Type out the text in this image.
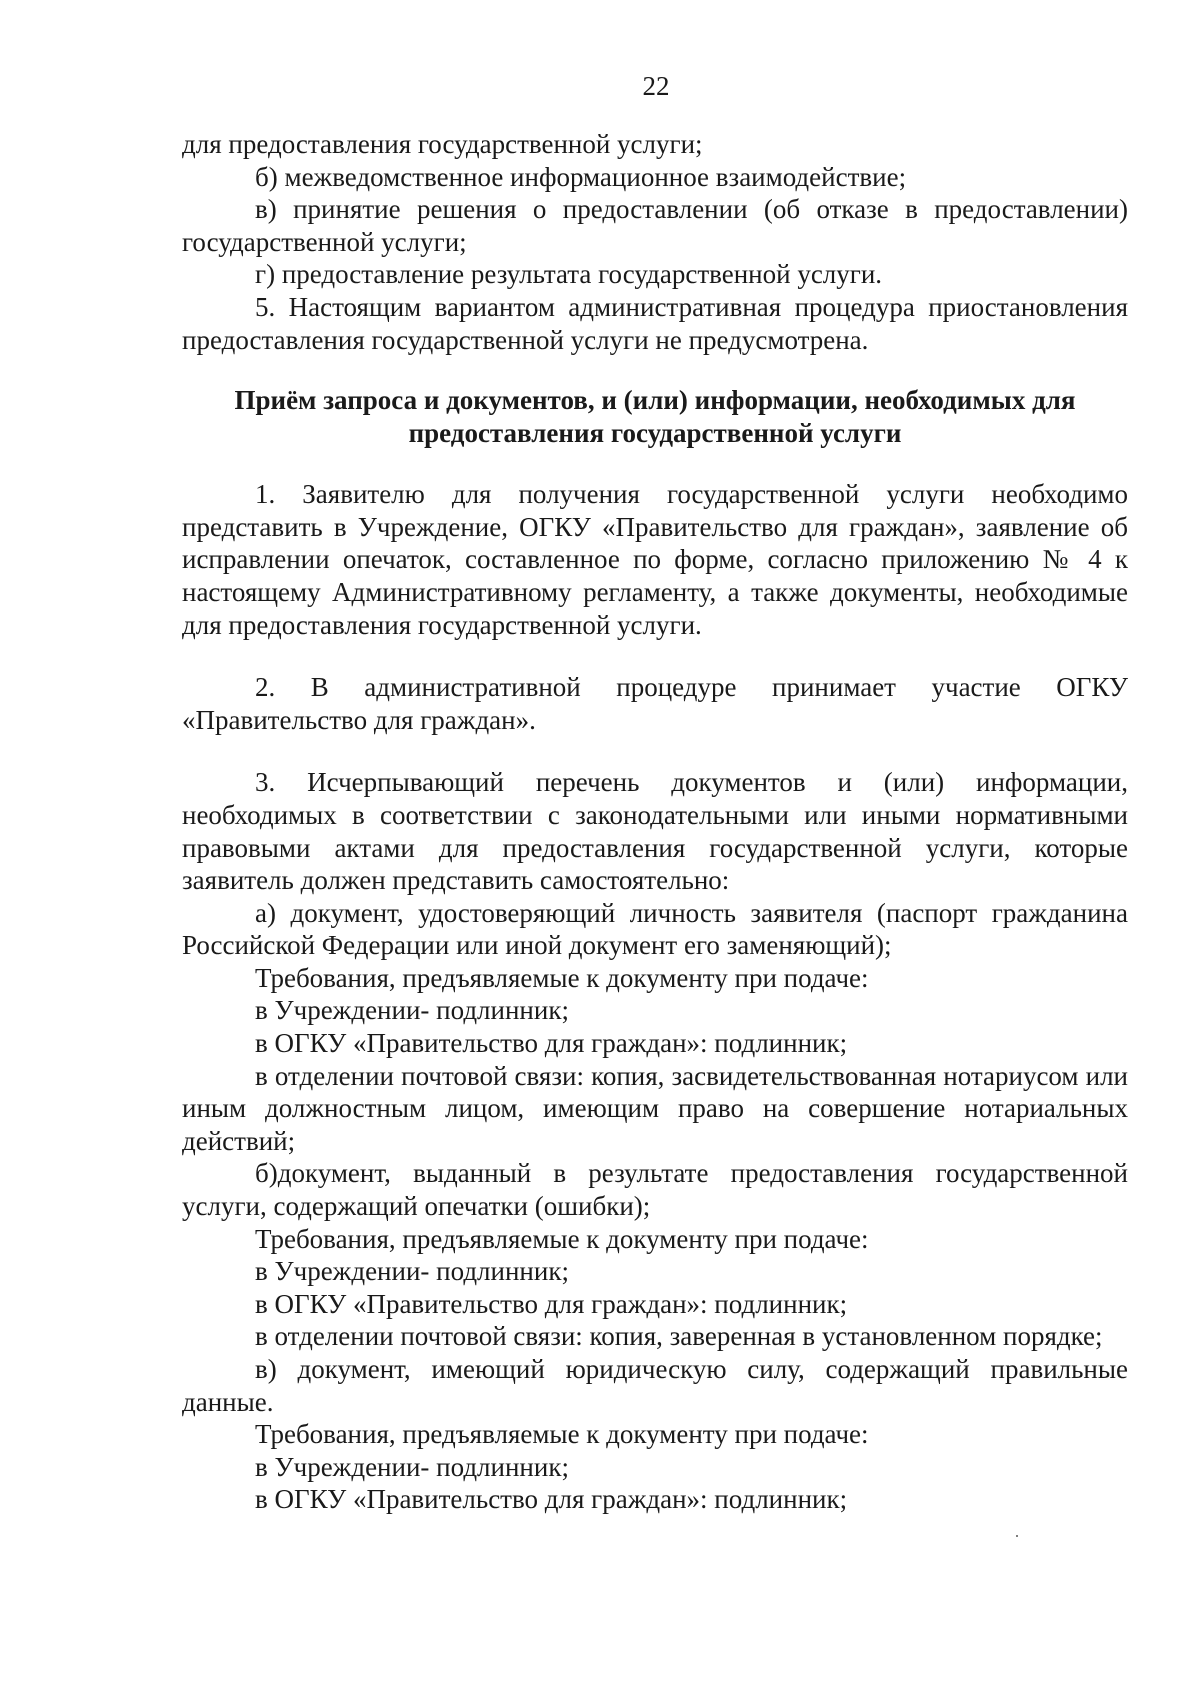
22

для предоставления государственной услуги;

б) межведомственное информационное взаимодействие;

в) принятие решения о предоставлении (об отказе в предоставлении) государственной услуги;

г) предоставление результата государственной услуги.

5. Настоящим вариантом административная процедура приостановления предоставления государственной услуги не предусмотрена.

Приём запроса и документов, и (или) информации, необходимых для

предоставления государственной услуги

1. Заявителю для получения государственной услуги необходимо представить в Учреждение, ОГКУ «Правительство для граждан», заявление об исправлении опечаток, составленное по форме, согласно приложению № 4 к настоящему Административному регламенту, а также документы, необходимые для предоставления государственной услуги.

2. В административной процедуре принимает участие ОГКУ

«Правительство для граждан».

3. Исчерпывающий перечень документов и (или) информации, необходимых в соответствии с законодательными или иными нормативными правовыми актами для предоставления государственной услуги, которые заявитель должен представить самостоятельно:

а) документ, удостоверяющий личность заявителя (паспорт гражданина Российской Федерации или иной документ его заменяющий);

Требования, предъявляемые к документу при подаче:

в Учреждении- подлинник;

в ОГКУ «Правительство для граждан»: подлинник;

в отделении почтовой связи: копия, засвидетельствованная нотариусом или иным должностным лицом, имеющим право на совершение нотариальных действий;

б)документ, выданный в результате предоставления государственной услуги, содержащий опечатки (ошибки);

Требования, предъявляемые к документу при подаче:

в Учреждении- подлинник;

в ОГКУ «Правительство для граждан»: подлинник;

в отделении почтовой связи: копия, заверенная в установленном порядке;

в) документ, имеющий юридическую силу, содержащий правильные данные.

Требования, предъявляемые к документу при подаче:

в Учреждении- подлинник;

в ОГКУ «Правительство для граждан»: подлинник;
